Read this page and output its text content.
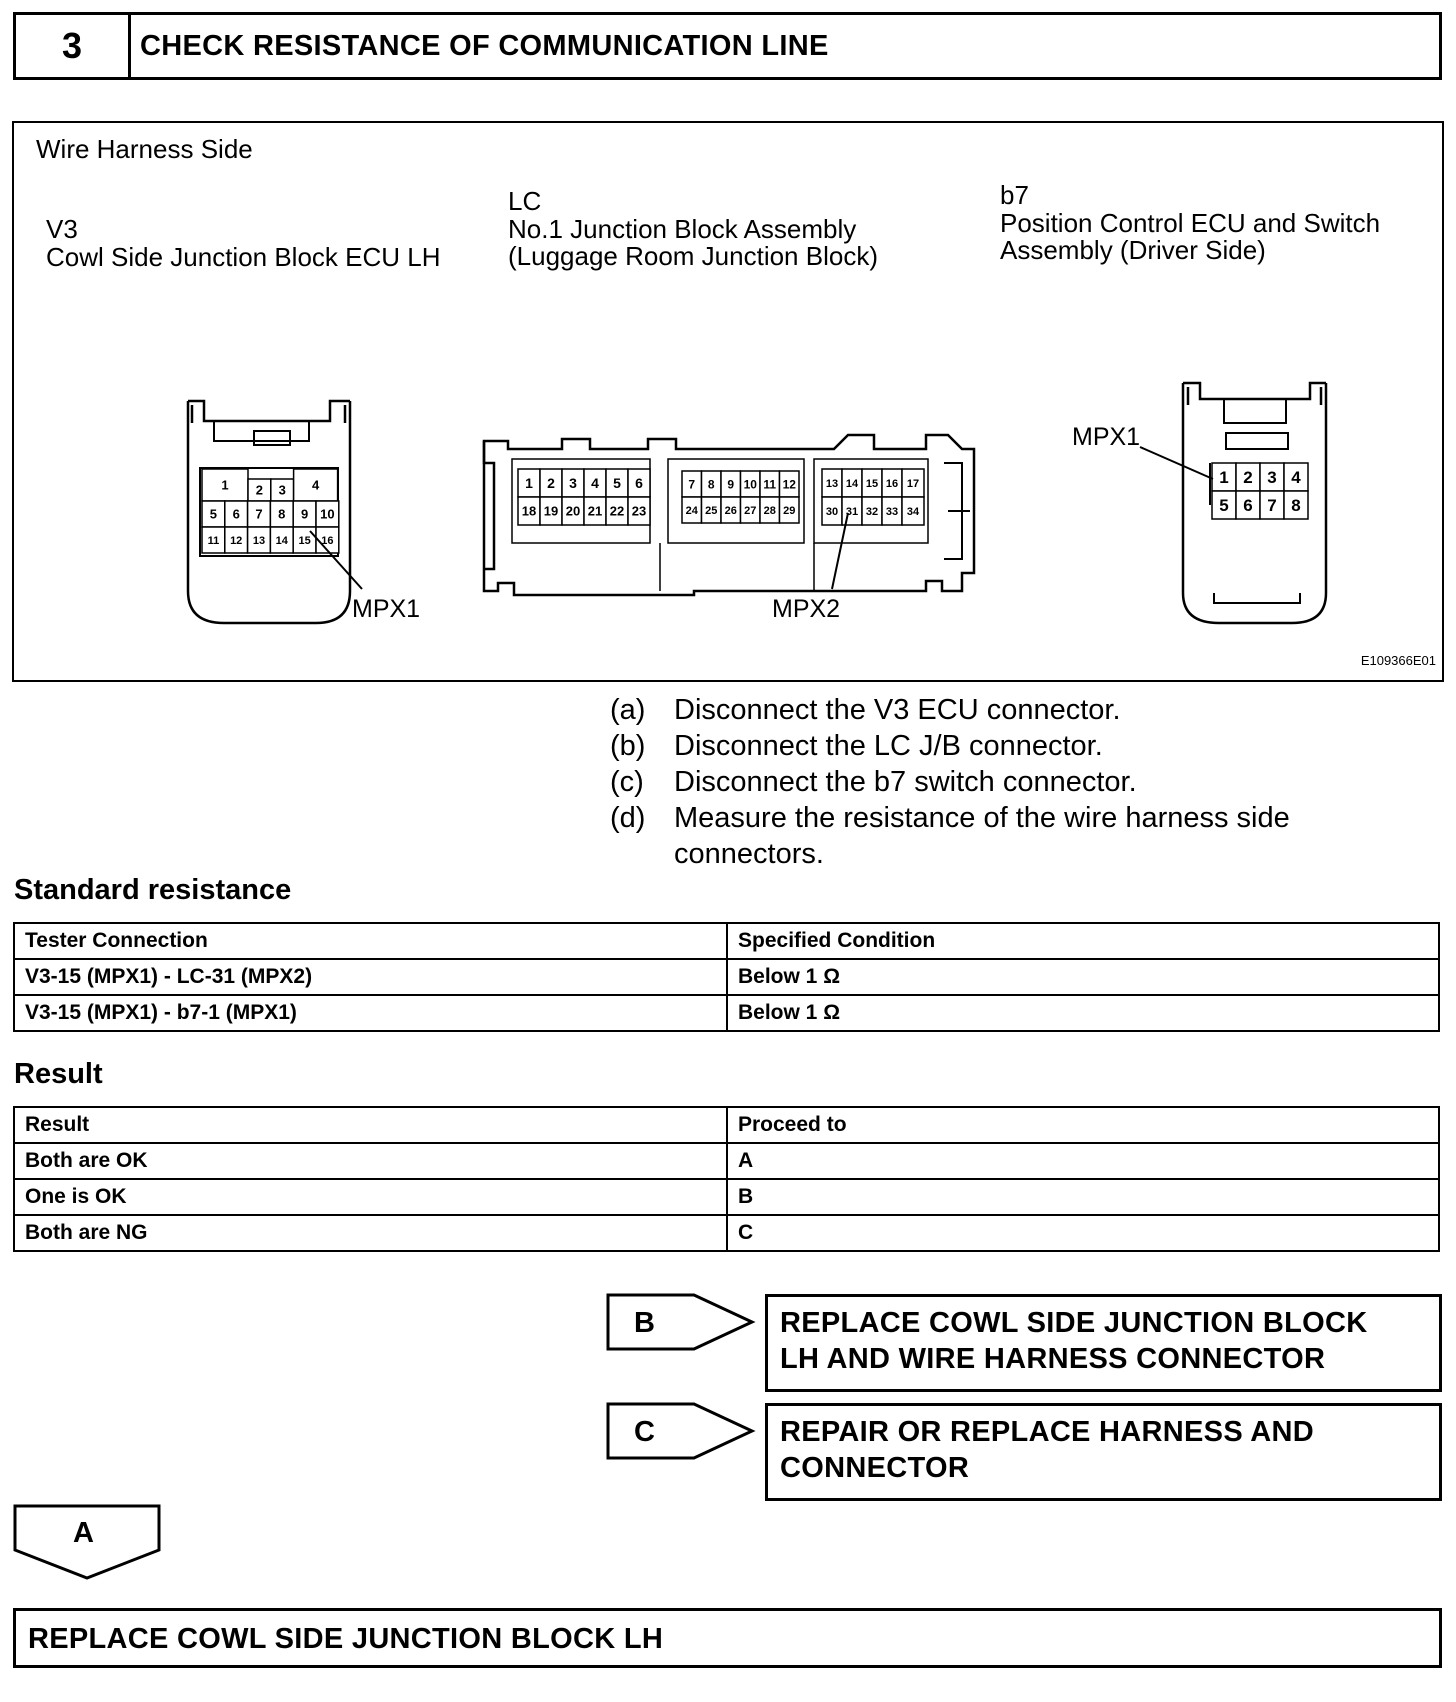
3	CHECK RESISTANCE OF COMMUNICATION LINE
Wire Harness Side
V3
Cowl Side Junction Block ECU LH
LC
No.1 Junction Block Assembly
(Luggage Room Junction Block)
b7
Position Control ECU and Switch
Assembly (Driver Side)
E109366E01
1 2 3 4
5 6 7 8 9 10
11 12 13 14 15 16
1 2 3 4 5 6
18 19 20 21 22 23
7 8 9 10 11 12
24 25 26 27 28 29
13 14 15 16 17
30 31 32 33 34
1 2 3 4
5 6 7 8
MPX1	MPX2
MPX1
(a) Disconnect the V3 ECU connector.
(b) Disconnect the LC J/B connector.
(c)	Disconnect the b7 switch connector.
(d) Measure the resistance of the wire harness side connectors.
Standard resistance
Tester Connection	Specified Condition
V3-15 (MPX1) - LC-31 (MPX2)	Below 1 Ω
V3-15 (MPX1) - b7-1 (MPX1)	Below 1 Ω
Result
Result	Proceed to
Both are OK	A
One is OK	B
Both are NG	C
B	REPLACE COWL SIDE JUNCTION BLOCK
LH AND WIRE HARNESS CONNECTOR
C	REPAIR OR REPLACE HARNESS AND
CONNECTOR
A
REPLACE COWL SIDE JUNCTION BLOCK LH
